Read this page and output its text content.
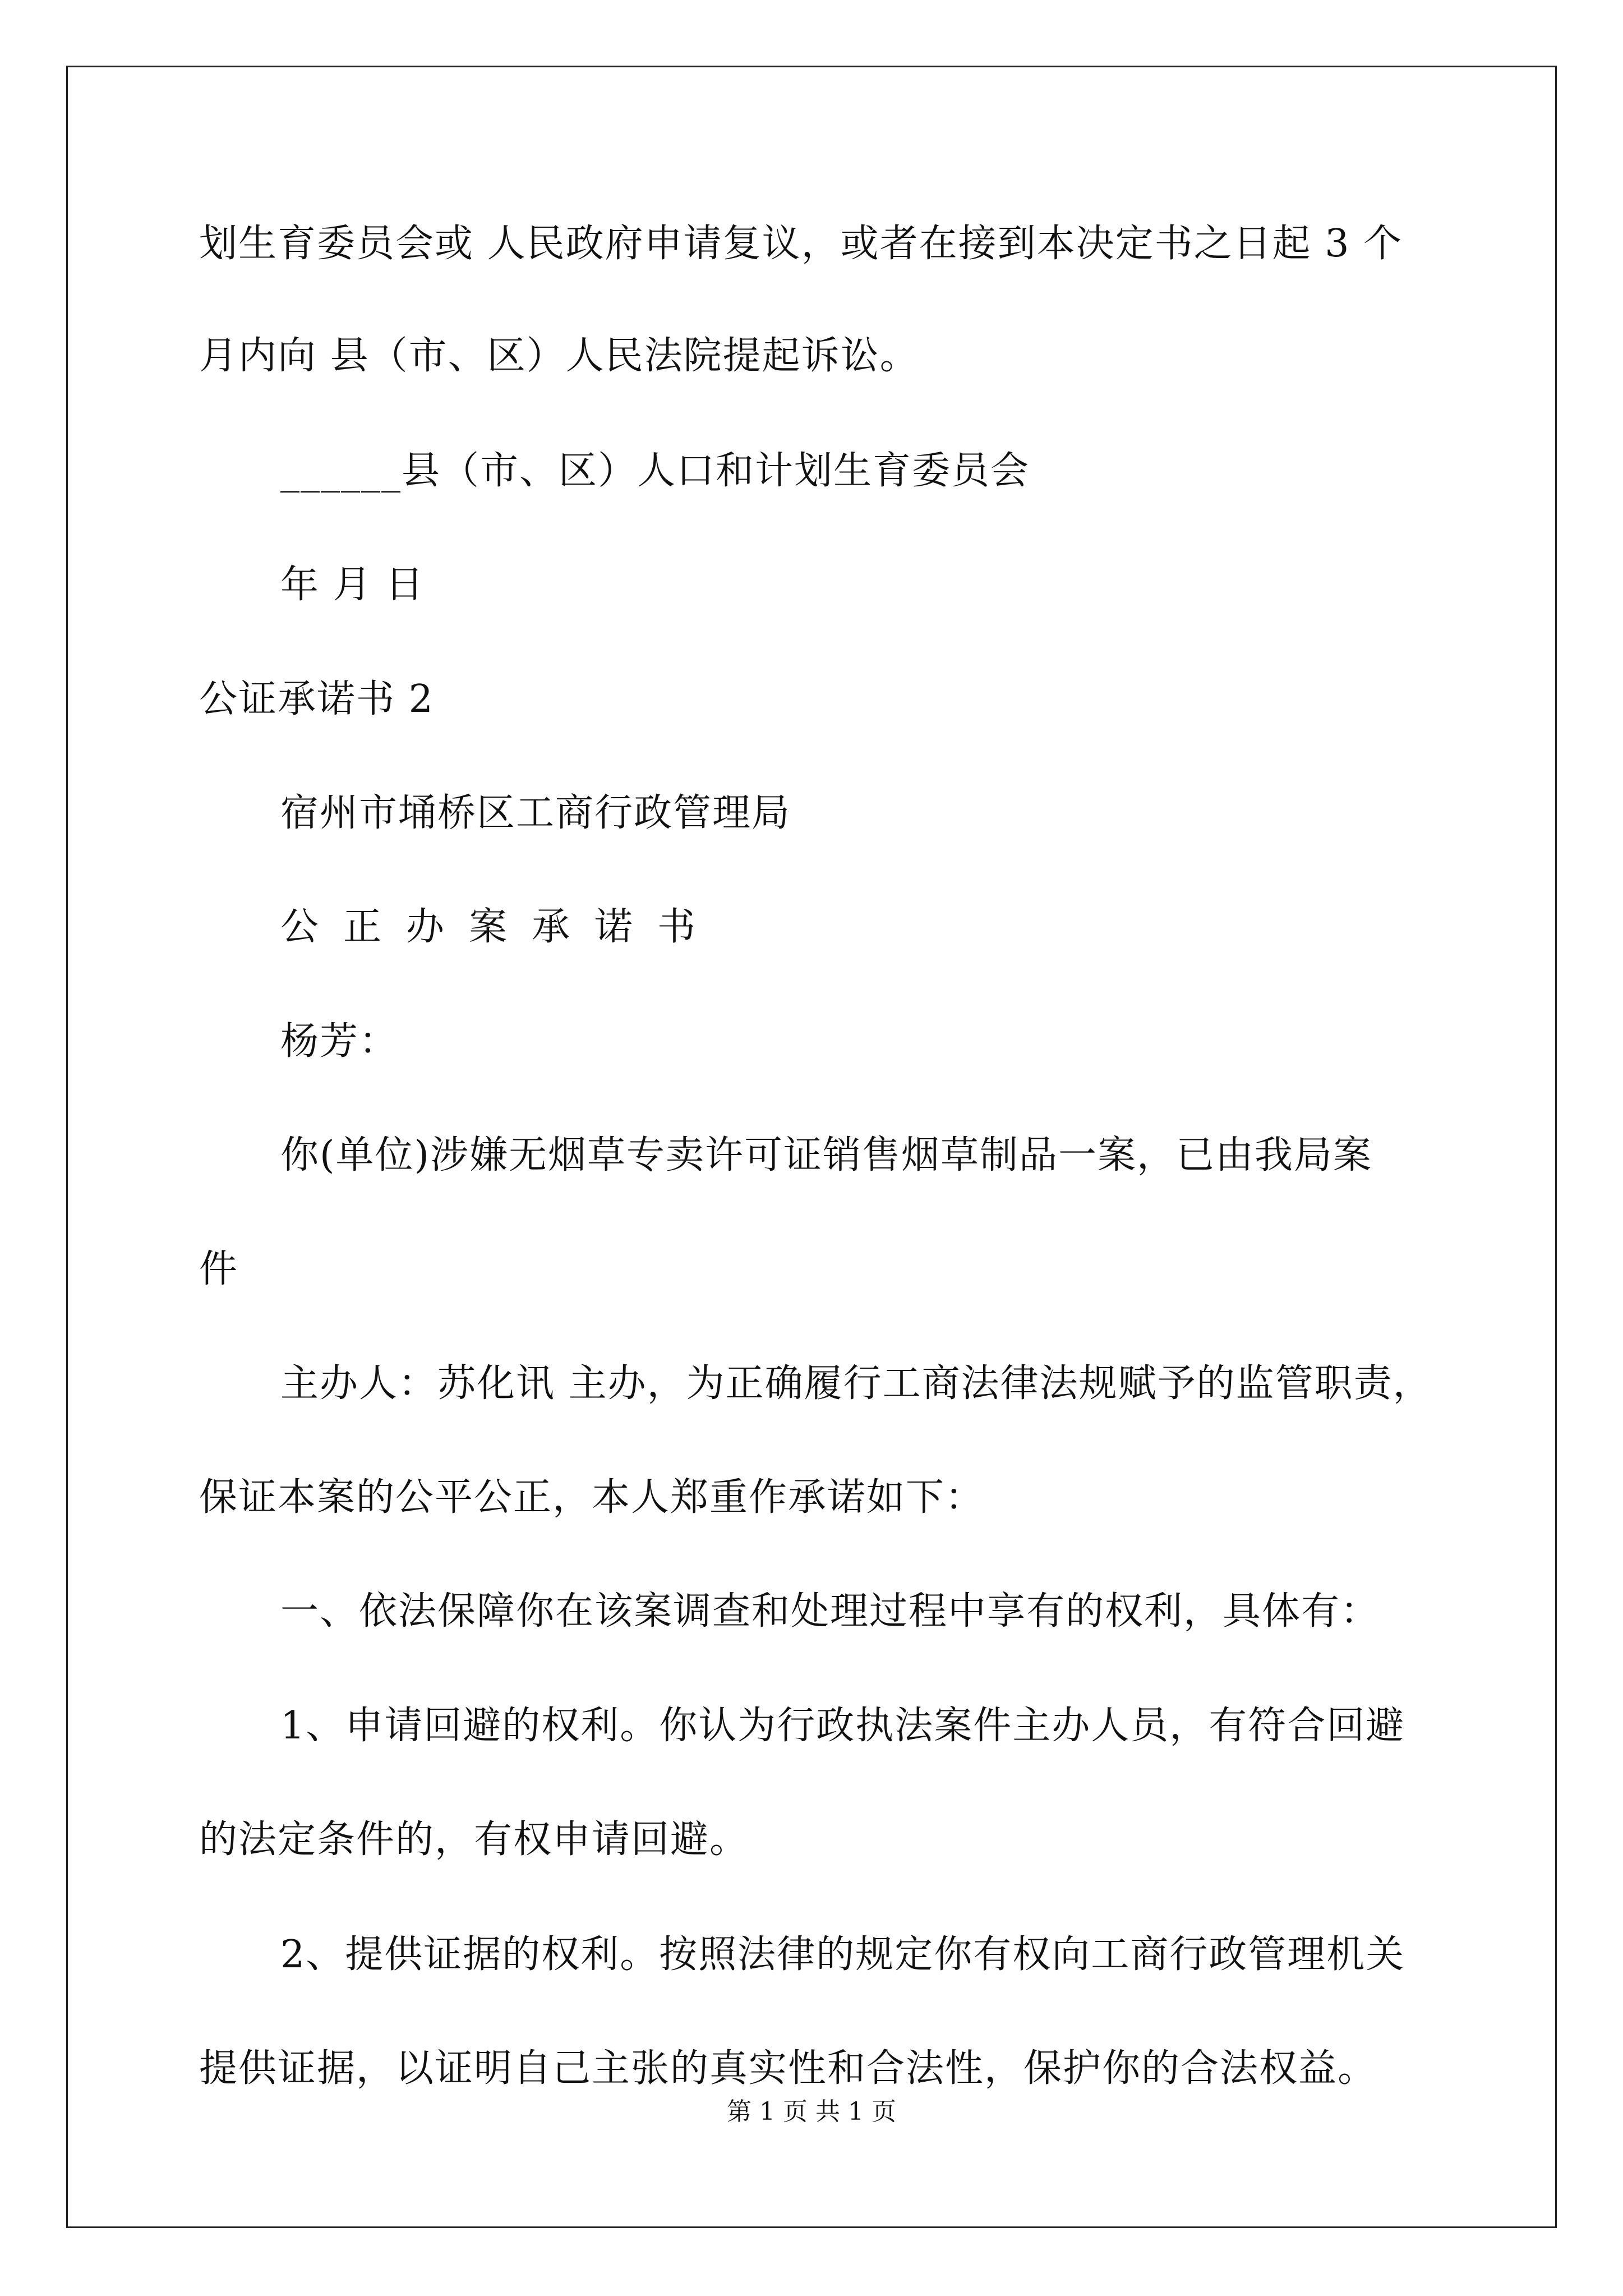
划生育委员会或 人民政府申请复议，或者在接到本决定书之日起 3 个
月内向 县（市、区）人民法院提起诉讼。
______县（市、区）人口和计划生育委员会
年 月 日
公证承诺书 2
宿州市埇桥区工商行政管理局
公正办案承诺书
杨芳：
你(单位)涉嫌无烟草专卖许可证销售烟草制品一案，已由我局案
件
主办人：苏化讯 主办，为正确履行工商法律法规赋予的监管职责，
保证本案的公平公正，本人郑重作承诺如下：
一、依法保障你在该案调查和处理过程中享有的权利，具体有：
1、申请回避的权利。你认为行政执法案件主办人员，有符合回避
的法定条件的，有权申请回避。
2、提供证据的权利。按照法律的规定你有权向工商行政管理机关
提供证据，以证明自己主张的真实性和合法性，保护你的合法权益。
第 1 页 共 1 页
